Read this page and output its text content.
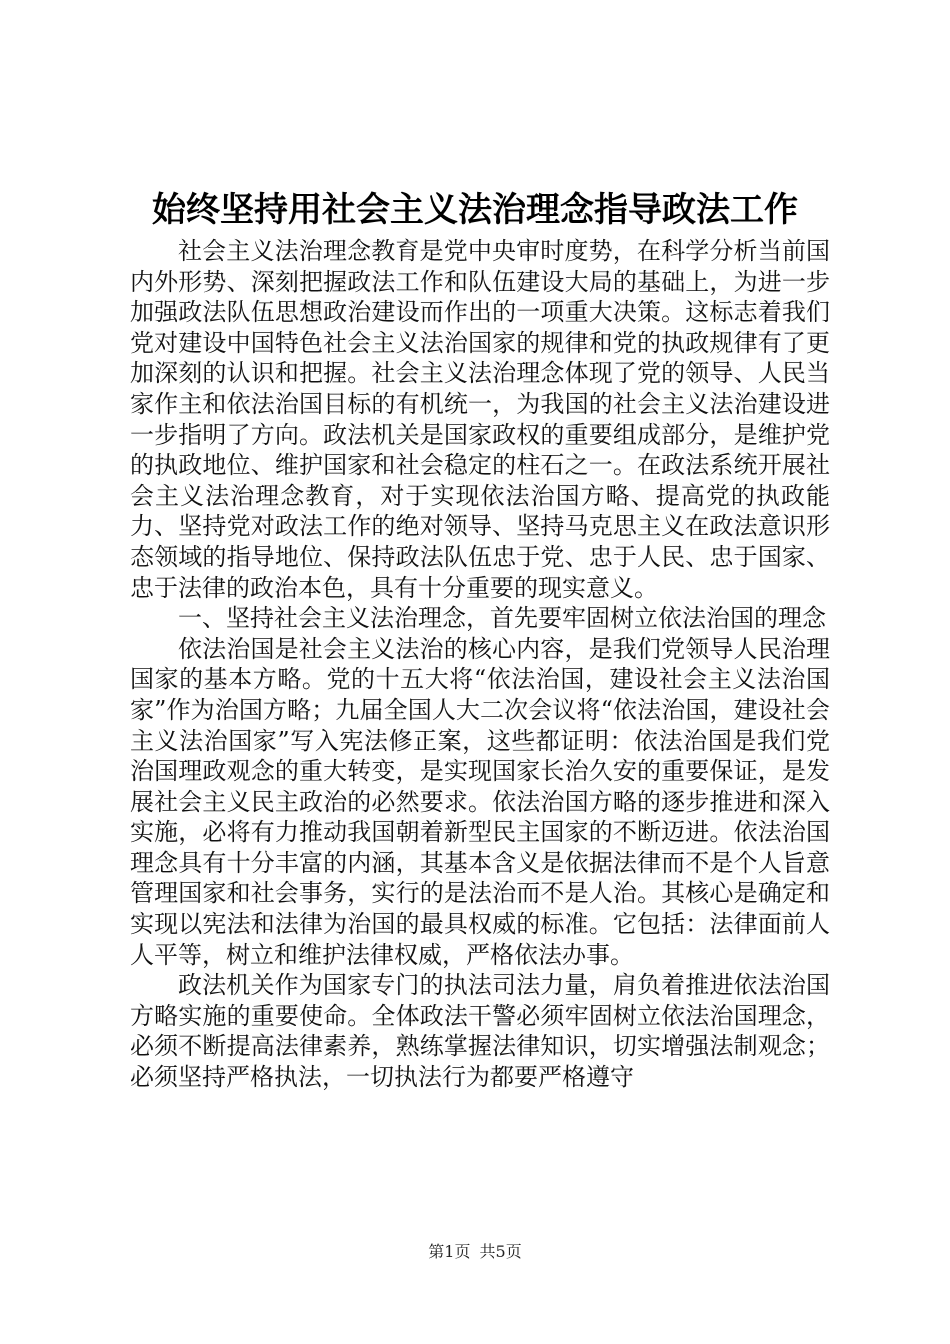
始终坚持用社会主义法治理念指导政法工作

社会主义法治理念教育是党中央审时度势，在科学分析当前国内外形势、深刻把握政法工作和队伍建设大局的基础上，为进一步加强政法队伍思想政治建设而作出的一项重大决策。这标志着我们党对建设中国特色社会主义法治国家的规律和党的执政规律有了更加深刻的认识和把握。社会主义法治理念体现了党的领导、人民当家作主和依法治国目标的有机统一，为我国的社会主义法治建设进一步指明了方向。政法机关是国家政权的重要组成部分，是维护党的执政地位、维护国家和社会稳定的柱石之一。在政法系统开展社会主义法治理念教育，对于实现依法治国方略、提高党的执政能力、坚持党对政法工作的绝对领导、坚持马克思主义在政法意识形态领域的指导地位、保持政法队伍忠于党、忠于人民、忠于国家、忠于法律的政治本色，具有十分重要的现实意义。

一、坚持社会主义法治理念，首先要牢固树立依法治国的理念

依法治国是社会主义法治的核心内容，是我们党领导人民治理国家的基本方略。党的十五大将“依法治国，建设社会主义法治国家”作为治国方略；九届全国人大二次会议将“依法治国，建设社会主义法治国家”写入宪法修正案，这些都证明：依法治国是我们党治国理政观念的重大转变，是实现国家长治久安的重要保证，是发展社会主义民主政治的必然要求。依法治国方略的逐步推进和深入实施，必将有力推动我国朝着新型民主国家的不断迈进。依法治国理念具有十分丰富的内涵，其基本含义是依据法律而不是个人旨意管理国家和社会事务，实行的是法治而不是人治。其核心是确定和实现以宪法和法律为治国的最具权威的标准。它包括：法律面前人人平等，树立和维护法律权威，严格依法办事。

政法机关作为国家专门的执法司法力量，肩负着推进依法治国方略实施的重要使命。全体政法干警必须牢固树立依法治国理念，必须不断提高法律素养，熟练掌握法律知识，切实增强法制观念；必须坚持严格执法，一切执法行为都要严格遵守

第1页 共5页
